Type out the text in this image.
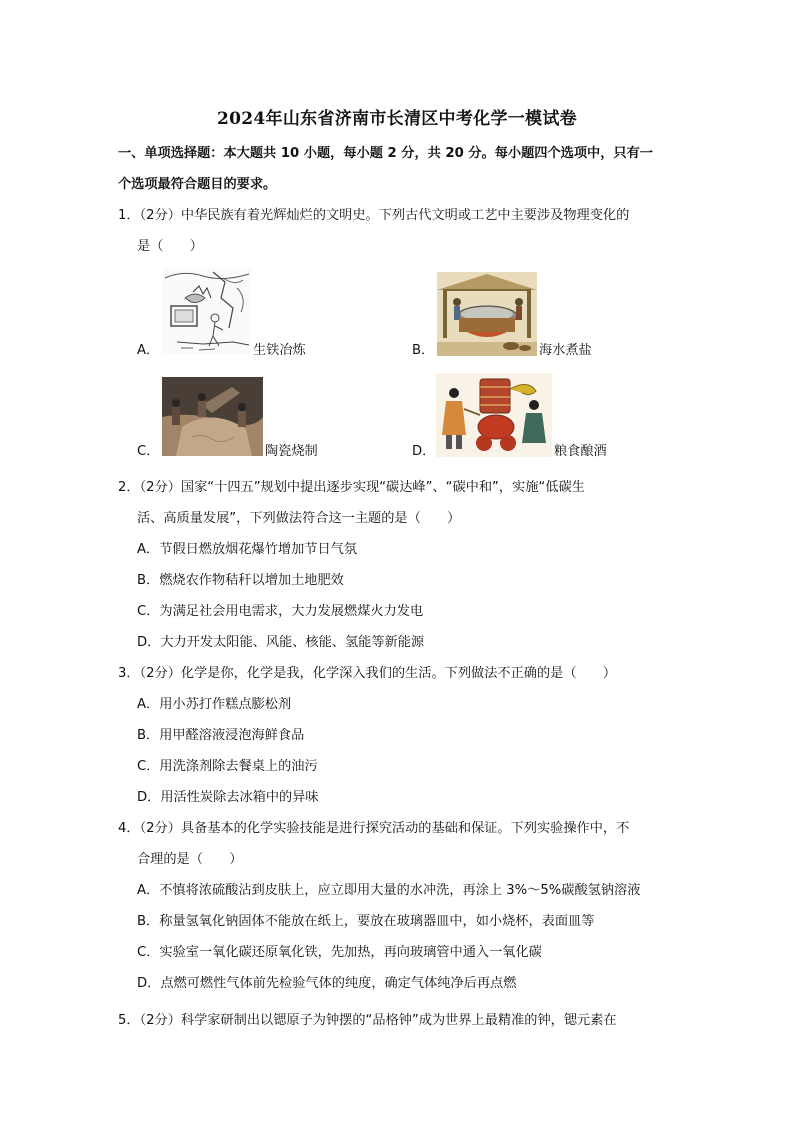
2024年山东省济南市长清区中考化学一模试卷
一、单项选择题：本大题共 10 小题，每小题 2 分，共 20 分。每小题四个选项中，只有一
个选项最符合题目的要求。
1．（2分）中华民族有着光辉灿烂的文明史。下列古代文明或工艺中主要涉及物理变化的
是（　　）
A．	生铁冶炼	B．	海水煮盐
C．	陶瓷烧制	D．	粮食酿酒
2．（2分）国家“十四五”规划中提出逐步实现“碳达峰”、“碳中和”，实施“低碳生
活、高质量发展”，下列做法符合这一主题的是（　　）
A．节假日燃放烟花爆竹增加节日气氛
B．燃烧农作物秸秆以增加土地肥效
C．为满足社会用电需求，大力发展燃煤火力发电
D．大力开发太阳能、风能、核能、氢能等新能源
3．（2分）化学是你，化学是我，化学深入我们的生活。下列做法不正确的是（　　）
A．用小苏打作糕点膨松剂
B．用甲醛溶液浸泡海鲜食品
C．用洗涤剂除去餐桌上的油污
D．用活性炭除去冰箱中的异味
4．（2分）具备基本的化学实验技能是进行探究活动的基础和保证。下列实验操作中，不
合理的是（　　）
A．不慎将浓硫酸沾到皮肤上，应立即用大量的水冲洗，再涂上 3%～5%碳酸氢钠溶液
B．称量氢氧化钠固体不能放在纸上，要放在玻璃器皿中，如小烧杯，表面皿等
C．实验室一氧化碳还原氧化铁，先加热，再向玻璃管中通入一氧化碳
D．点燃可燃性气体前先检验气体的纯度，确定气体纯净后再点燃
5．（2分）科学家研制出以锶原子为钟摆的“品格钟”成为世界上最精准的钟，锶元素在
